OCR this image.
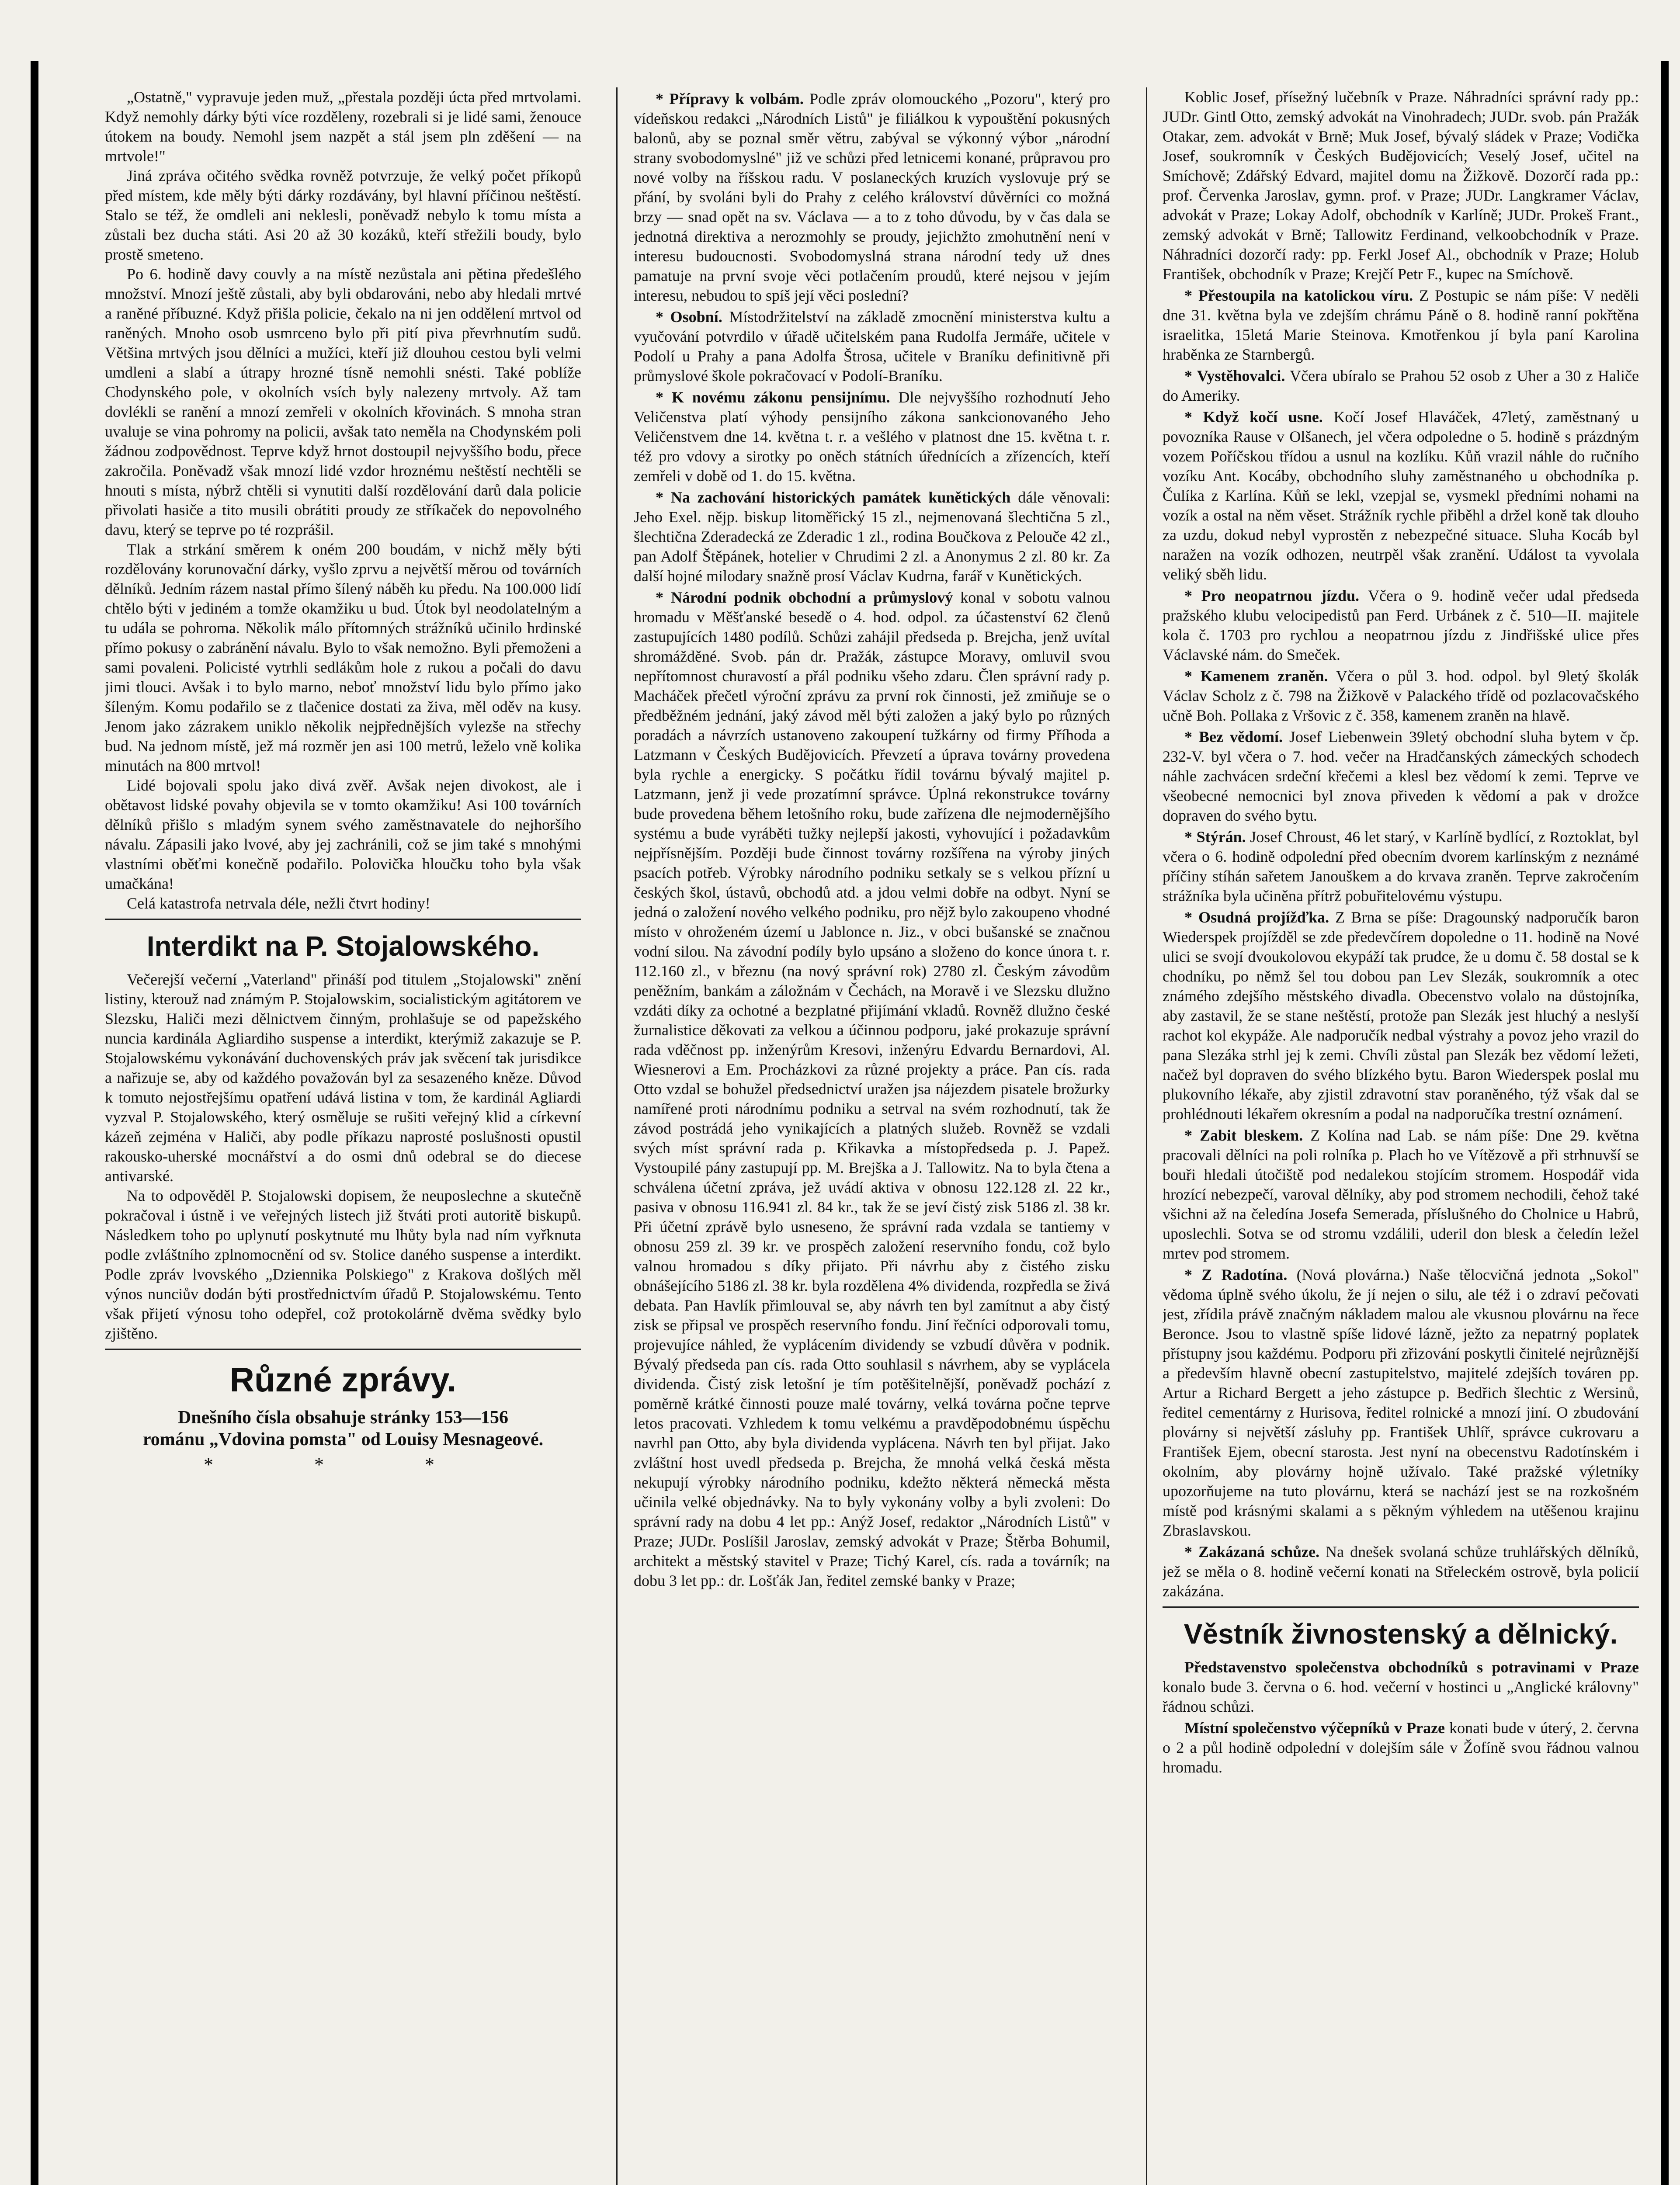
„Ostatně," vypravuje jeden muž, „přestala později úcta před mrtvolami. Když nemohly dárky býti více rozděleny, rozebrali si je lidé sami, ženouce útokem na boudy. Nemohl jsem nazpět a stál jsem pln zděšení — na mrtvole!"

Jiná zpráva očitého svědka rovněž potvrzuje, že velký počet příkopů před místem, kde měly býti dárky rozdávány, byl hlavní příčinou neštěstí. Stalo se též, že omdleli ani neklesli, poněvadž nebylo k tomu místa a zůstali bez ducha státi. Asi 20 až 30 kozáků, kteří střežili boudy, bylo prostě smeteno.

Po 6. hodině davy couvly a na místě nezůstala ani pětina předešlého množství. Mnozí ještě zůstali, aby byli obdarováni, nebo aby hledali mrtvé a raněné příbuzné. Když přišla policie, čekalo na ni jen oddělení mrtvol od raněných. Mnoho osob usmrceno bylo při pití piva převrhnutím sudů. Většina mrtvých jsou dělníci a mužíci, kteří již dlouhou cestou byli velmi umdleni a slabí a útrapy hrozné tísně nemohli snésti. Také poblíže Chodynského pole, v okolních vsích byly nalezeny mrtvoly. Až tam dovlékli se ranění a mnozí zemřeli v okolních křovinách. S mnoha stran uvaluje se vina pohromy na policii, avšak tato neměla na Chodynském poli žádnou zodpovědnost. Teprve když hrnot dostoupil nejvyššího bodu, přece zakročila. Poněvadž však mnozí lidé vzdor hroznému neštěstí nechtěli se hnouti s místa, nýbrž chtěli si vynutiti další rozdělování darů dala policie přivolati hasiče a tito musili obrátiti proudy ze stříkaček do nepovolného davu, který se teprve po té rozprášil.

Tlak a strkání směrem k oném 200 boudám, v nichž měly býti rozdělovány korunovační dárky, vyšlo zprvu a největší měrou od továrních dělníků. Jedním rázem nastal přímo šílený náběh ku předu. Na 100.000 lidí chtělo býti v jediném a tomže okamžiku u bud. Útok byl neodolatelným a tu udála se pohroma. Několik málo přítomných strážníků učinilo hrdinské přímo pokusy o zabránění návalu. Bylo to však nemožno. Byli přemoženi a sami povaleni. Policisté vytrhli sedlákům hole z rukou a počali do davu jimi tlouci. Avšak i to bylo marno, neboť množství lidu bylo přímo jako šíleným. Komu podařilo se z tlačenice dostati za živa, měl oděv na kusy. Jenom jako zázrakem uniklo několik nejpřednějších vylezše na střechy bud. Na jednom místě, jež má rozměr jen asi 100 metrů, leželo vně kolika minutách na 800 mrtvol!

Lidé bojovali spolu jako divá zvěř. Avšak nejen divokost, ale i obětavost lidské povahy objevila se v tomto okamžiku! Asi 100 továrních dělníků přišlo s mladým synem svého zaměstnavatele do nejhoršího návalu. Zápasili jako lvové, aby jej zachránili, což se jim také s mnohými vlastními oběťmi konečně podařilo. Polovička hloučku toho byla však umačkána!

Celá katastrofa netrvala déle, nežli čtvrt hodiny!

Interdikt na P. Stojalowského.

Večerejší večerní „Vaterland" přináší pod titulem „Stojalowski" znění listiny, kterouž nad známým P. Stojalowskim, socialistickým agitátorem ve Slezsku, Haliči mezi dělnictvem činným, prohlašuje se od papežského nuncia kardinála Agliardiho suspense a interdikt, kterýmiž zakazuje se P. Stojalowskému vykonávání duchovenských práv jak svěcení tak jurisdikce a nařizuje se, aby od každého považován byl za sesazeného kněze. Důvod k tomuto nejostřejšímu opatření udává listina v tom, že kardinál Agliardi vyzval P. Stojalowského, který osměluje se rušiti veřejný klid a církevní kázeň zejména v Haliči, aby podle příkazu naprosté poslušnosti opustil rakousko-uherské mocnářství a do osmi dnů odebral se do diecese antivarské.

Na to odpověděl P. Stojalowski dopisem, že neuposlechne a skutečně pokračoval i ústně i ve veřejných listech již štváti proti autoritě biskupů. Následkem toho po uplynutí poskytnuté mu lhůty byla nad ním vyřknuta podle zvláštního zplnomocnění od sv. Stolice daného suspense a interdikt. Podle zpráv lvovského „Dziennika Polskiego" z Krakova došlých měl výnos nunciův dodán býti prostřednictvím úřadů P. Stojalowskému. Tento však přijetí výnosu toho odepřel, což protokolárně dvěma svědky bylo zjištěno.

Různé zprávy.

Dnešního čísla obsahuje stránky 153—156

románu „Vdovina pomsta" od Louisy Mesnageové.

* * *

* Přípravy k volbám. Podle zpráv olomouckého „Pozoru", který pro vídeňskou redakci „Národních Listů" je filiálkou k vypouštění pokusných balonů, aby se poznal směr větru, zabýval se výkonný výbor „národní strany svobodomyslné" již ve schůzi před letnicemi konané, průpravou pro nové volby na říšskou radu. V poslaneckých kruzích vyslovuje prý se přání, by svoláni byli do Prahy z celého království důvěrníci co možná brzy — snad opět na sv. Václava — a to z toho důvodu, by v čas dala se jednotná direktiva a nerozmohly se proudy, jejichžto zmohutnění není v interesu budoucnosti. Svobodomyslná strana národní tedy už dnes pamatuje na první svoje věci potlačením proudů, které nejsou v jejím interesu, nebudou to spíš její věci poslední?

* Osobní. Místodržitelství na základě zmocnění ministerstva kultu a vyučování potvrdilo v úřadě učitelském pana Rudolfa Jermáře, učitele v Podolí u Prahy a pana Adolfa Štrosa, učitele v Braníku definitivně při průmyslové škole pokračovací v Podolí-Braníku.

* K novému zákonu pensijnímu. Dle nejvyššího rozhodnutí Jeho Veličenstva platí výhody pensijního zákona sankcionovaného Jeho Veličenstvem dne 14. května t. r. a vešlého v platnost dne 15. května t. r. též pro vdovy a sirotky po oněch státních úřednících a zřízencích, kteří zemřeli v době od 1. do 15. května.

* Na zachování historických památek kunětických dále věnovali: Jeho Exel. nějp. biskup litoměřický 15 zl., nejmenovaná šlechtična 5 zl., šlechtična Zderadecká ze Zderadic 1 zl., rodina Boučkova z Pelouče 42 zl., pan Adolf Štěpánek, hotelier v Chrudimi 2 zl. a Anonymus 2 zl. 80 kr. Za další hojné milodary snažně prosí Václav Kudrna, farář v Kunětických.

* Národní podnik obchodní a průmyslový konal v sobotu valnou hromadu v Měšťanské besedě o 4. hod. odpol. za účastenství 62 členů zastupujících 1480 podílů. Schůzi zahájil předseda p. Brejcha, jenž uvítal shromážděné. Svob. pán dr. Pražák, zástupce Moravy, omluvil svou nepřítomnost churavostí a přál podniku všeho zdaru. Člen správní rady p. Macháček přečetl výroční zprávu za první rok činnosti, jež zmiňuje se o předběžném jednání, jaký závod měl býti založen a jaký bylo po různých poradách a návrzích ustanoveno zakoupení tužkárny od firmy Příhoda a Latzmann v Českých Budějovicích. Převzetí a úprava továrny provedena byla rychle a energicky. S počátku řídil továrnu bývalý majitel p. Latzmann, jenž ji vede prozatímní správce. Úplná rekonstrukce továrny bude provedena během letošního roku, bude zařízena dle nejmodernějšího systému a bude vyráběti tužky nejlepší jakosti, vyhovující i požadavkům nejpřísnějším. Později bude činnost továrny rozšířena na výroby jiných psacích potřeb. Výrobky národního podniku setkaly se s velkou přízní u českých škol, ústavů, obchodů atd. a jdou velmi dobře na odbyt. Nyní se jedná o založení nového velkého podniku, pro nějž bylo zakoupeno vhodné místo v ohroženém území u Jablonce n. Jiz., v obci bušanské se značnou vodní silou. Na závodní podíly bylo upsáno a složeno do konce února t. r. 112.160 zl., v březnu (na nový správní rok) 2780 zl. Českým závodům peněžním, bankám a záložnám v Čechách, na Moravě i ve Slezsku dlužno vzdáti díky za ochotné a bezplatné přijímání vkladů. Rovněž dlužno české žurnalistice děkovati za velkou a účinnou podporu, jaké prokazuje správní rada vděčnost pp. inženýrům Kresovi, inženýru Edvardu Bernardovi, Al. Wiesnerovi a Em. Procházkovi za různé projekty a práce. Pan cís. rada Otto vzdal se bohužel předsednictví uražen jsa nájezdem pisatele brožurky namířené proti národnímu podniku a setrval na svém rozhodnutí, tak že závod postrádá jeho vynikajících a platných služeb. Rovněž se vzdali svých míst správní rada p. Křikavka a místopředseda p. J. Papež. Vystoupilé pány zastupují pp. M. Brejška a J. Tallowitz. Na to byla čtena a schválena účetní zpráva, jež uvádí aktiva v obnosu 122.128 zl. 22 kr., pasiva v obnosu 116.941 zl. 84 kr., tak že se jeví čistý zisk 5186 zl. 38 kr. Při účetní zprávě bylo usneseno, že správní rada vzdala se tantiemy v obnosu 259 zl. 39 kr. ve prospěch založení reservního fondu, což bylo valnou hromadou s díky přijato. Při návrhu aby z čistého zisku obnášejícího 5186 zl. 38 kr. byla rozdělena 4% dividenda, rozpředla se živá debata. Pan Havlík přimlouval se, aby návrh ten byl zamítnut a aby čistý zisk se připsal ve prospěch reservního fondu. Jiní řečníci odporovali tomu, projevujíce náhled, že vyplácením dividendy se vzbudí důvěra v podnik. Bývalý předseda pan cís. rada Otto souhlasil s návrhem, aby se vyplácela dividenda. Čistý zisk letošní je tím potěšitelnější, poněvadž pochází z poměrně krátké činnosti pouze malé továrny, velká továrna počne teprve letos pracovati. Vzhledem k tomu velkému a pravděpodobnému úspěchu navrhl pan Otto, aby byla dividenda vyplácena. Návrh ten byl přijat. Jako zvláštní host uvedl předseda p. Brejcha, že mnohá velká česká města nekupují výrobky národního podniku, kdežto některá německá města učinila velké objednávky. Na to byly vykonány volby a byli zvoleni: Do správní rady na dobu 4 let pp.: Anýž Josef, redaktor „Národních Listů" v Praze; JUDr. Poslíšil Jaroslav, zemský advokát v Praze; Štěrba Bohumil, architekt a městský stavitel v Praze; Tichý Karel, cís. rada a továrník; na dobu 3 let pp.: dr. Lošťák Jan, ředitel zemské banky v Praze;

Koblic Josef, přísežný lučebník v Praze. Náhradníci správní rady pp.: JUDr. Gintl Otto, zemský advokát na Vinohradech; JUDr. svob. pán Pražák Otakar, zem. advokát v Brně; Muk Josef, bývalý sládek v Praze; Vodička Josef, soukromník v Českých Budějovicích; Veselý Josef, učitel na Smíchově; Zdářský Edvard, majitel domu na Žižkově. Dozorčí rada pp.: prof. Červenka Jaroslav, gymn. prof. v Praze; JUDr. Langkramer Václav, advokát v Praze; Lokay Adolf, obchodník v Karlíně; JUDr. Prokeš Frant., zemský advokát v Brně; Tallowitz Ferdinand, velkoobchodník v Praze. Náhradníci dozorčí rady: pp. Ferkl Josef Al., obchodník v Praze; Holub František, obchodník v Praze; Krejčí Petr F., kupec na Smíchově.

* Přestoupila na katolickou víru. Z Postupic se nám píše: V neděli dne 31. května byla ve zdejším chrámu Páně o 8. hodině ranní pokřtěna israelitka, 15letá Marie Steinova. Kmotřenkou jí byla paní Karolina hraběnka ze Starnbergů.

* Vystěhovalci. Včera ubíralo se Prahou 52 osob z Uher a 30 z Haliče do Ameriky.

* Když kočí usne. Kočí Josef Hlaváček, 47letý, zaměstnaný u povozníka Rause v Olšanech, jel včera odpoledne o 5. hodině s prázdným vozem Poříčskou třídou a usnul na kozlíku. Kůň vrazil náhle do ručního vozíku Ant. Kocáby, obchodního sluhy zaměstnaného u obchodníka p. Čulíka z Karlína. Kůň se lekl, vzepjal se, vysmekl předními nohami na vozík a ostal na něm věset. Strážník rychle přiběhl a držel koně tak dlouho za uzdu, dokud nebyl vyprostěn z nebezpečné situace. Sluha Kocáb byl naražen na vozík odhozen, neutrpěl však zranění. Událost ta vyvolala veliký sběh lidu.

* Pro neopatrnou jízdu. Včera o 9. hodině večer udal předseda pražského klubu velocipedistů pan Ferd. Urbánek z č. 510—II. majitele kola č. 1703 pro rychlou a neopatrnou jízdu z Jindřišské ulice přes Václavské nám. do Smeček.

* Kamenem zraněn. Včera o půl 3. hod. odpol. byl 9letý školák Václav Scholz z č. 798 na Žižkově v Palackého třídě od pozlacovačského učně Boh. Pollaka z Vršovic z č. 358, kamenem zraněn na hlavě.

* Bez vědomí. Josef Liebenwein 39letý obchodní sluha bytem v čp. 232-V. byl včera o 7. hod. večer na Hradčanských zámeckých schodech náhle zachvácen srdeční křečemi a klesl bez vědomí k zemi. Teprve ve všeobecné nemocnici byl znova přiveden k vědomí a pak v drožce dopraven do svého bytu.

* Stýrán. Josef Chroust, 46 let starý, v Karlíně bydlící, z Roztoklat, byl včera o 6. hodině odpolední před obecním dvorem karlínským z neznámé příčiny stíhán sařetem Janouškem a do krvava zraněn. Teprve zakročením strážníka byla učiněna přítrž pobuřitelovému výstupu.

* Osudná projížďka. Z Brna se píše: Dragounský nadporučík baron Wiederspek projížděl se zde předevčírem dopoledne o 11. hodině na Nové ulici se svojí dvoukolovou ekypáží tak prudce, že u domu č. 58 dostal se k chodníku, po němž šel tou dobou pan Lev Slezák, soukromník a otec známého zdejšího městského divadla. Obecenstvo volalo na důstojníka, aby zastavil, že se stane neštěstí, protože pan Slezák jest hluchý a neslyší rachot kol ekypáže. Ale nadporučík nedbal výstrahy a povoz jeho vrazil do pana Slezáka strhl jej k zemi. Chvíli zůstal pan Slezák bez vědomí ležeti, načež byl dopraven do svého blízkého bytu. Baron Wiederspek poslal mu plukovního lékaře, aby zjistil zdravotní stav poraněného, týž však dal se prohlédnouti lékařem okresním a podal na nadporučíka trestní oznámení.

* Zabit bleskem. Z Kolína nad Lab. se nám píše: Dne 29. května pracovali dělníci na poli rolníka p. Plach ho ve Vítězově a při strhnuvší se bouři hledali útočiště pod nedalekou stojícím stromem. Hospodář vida hrozící nebezpečí, varoval dělníky, aby pod stromem nechodili, čehož také všichni až na čeledína Josefa Semerada, příslušného do Cholnice u Habrů, uposlechli. Sotva se od stromu vzdálili, uderil don blesk a čeledín ležel mrtev pod stromem.

* Z Radotína. (Nová plovárna.) Naše tělocvičná jednota „Sokol" vědoma úplně svého úkolu, že jí nejen o silu, ale též i o zdraví pečovati jest, zřídila právě značným nákladem malou ale vkusnou plovárnu na řece Beronce. Jsou to vlastně spíše lidové lázně, ježto za nepatrný poplatek přístupny jsou každému. Podporu při zřizování poskytli činitelé nejrůznější a především hlavně obecní zastupitelstvo, majitelé zdejších továren pp. Artur a Richard Bergett a jeho zástupce p. Bedřich šlechtic z Wersinů, ředitel cementárny z Hurisova, ředitel rolnické a mnozí jiní. O zbudování plovárny si největší zásluhy pp. František Uhlíř, správce cukrovaru a František Ejem, obecní starosta. Jest nyní na obecenstvu Radotínském i okolním, aby plovárny hojně užívalo. Také pražské výletníky upozorňujeme na tuto plovárnu, která se nachází jest se na rozkošném místě pod krásnými skalami a s pěkným výhledem na utěšenou krajinu Zbraslavskou.

* Zakázaná schůze. Na dnešek svolaná schůze truhlářských dělníků, jež se měla o 8. hodině večerní konati na Střeleckém ostrově, byla policií zakázána.

Věstník živnostenský a dělnický.

Představenstvo společenstva obchodníků s potravinami v Praze konalo bude 3. června o 6. hod. večerní v hostinci u „Anglické královny" řádnou schůzi.

Místní společenstvo výčepníků v Praze konati bude v úterý, 2. června o 2 a půl hodině odpolední v dolejším sále v Žofíně svou řádnou valnou hromadu.
